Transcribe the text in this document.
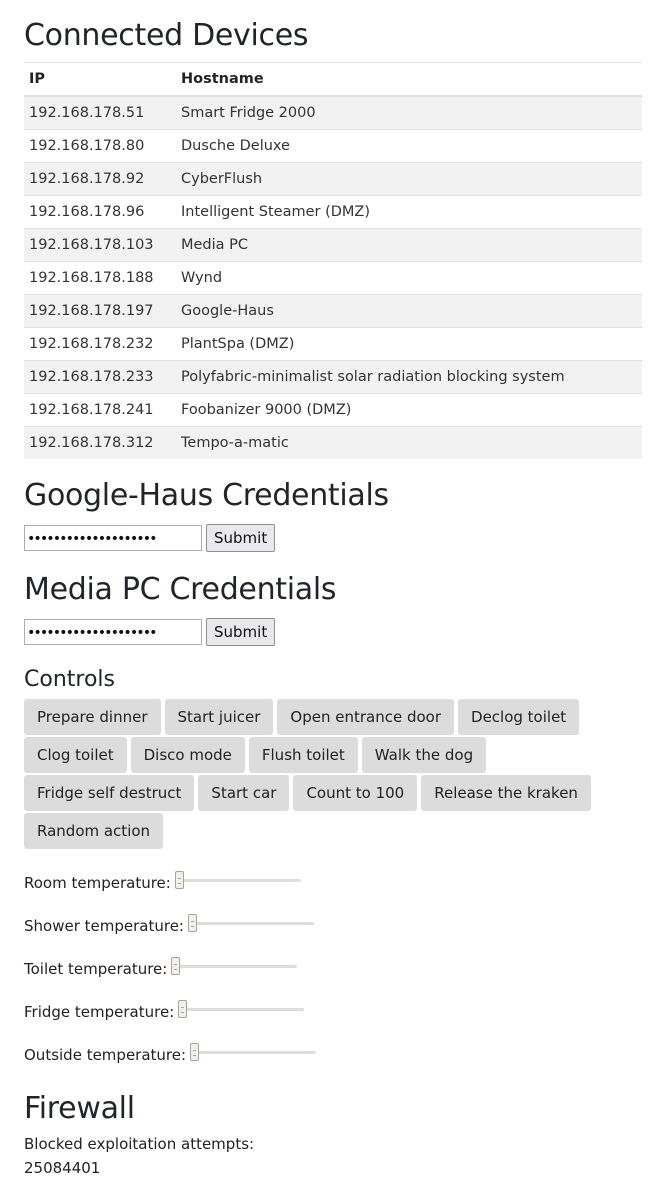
Connected Devices
IP	Hostname
192.168.178.51	Smart Fridge 2000
192.168.178.80	Dusche Deluxe
192.168.178.92	CyberFlush
192.168.178.96	Intelligent Steamer (DMZ)
192.168.178.103	Media PC
192.168.178.188	Wynd
192.168.178.197	Google-Haus
192.168.178.232	PlantSpa (DMZ)
192.168.178.233	Polyfabric-minimalist solar radiation blocking system
192.168.178.241	Foobanizer 9000 (DMZ)
192.168.178.312	Tempo-a-matic
Google-Haus Credentials
••••••••••••••••••••	Submit
Media PC Credentials
••••••••••••••••••••	Submit
Controls
Prepare dinner	Start juicer	Open entrance door	Declog toilet
Clog toilet	Disco mode	Flush toilet	Walk the dog
Fridge self destruct	Start car	Count to 100	Release the kraken
Random action
Room temperature:
Shower temperature:
Toilet temperature:
Fridge temperature:
Outside temperature:
Firewall
Blocked exploitation attempts:
25084401
